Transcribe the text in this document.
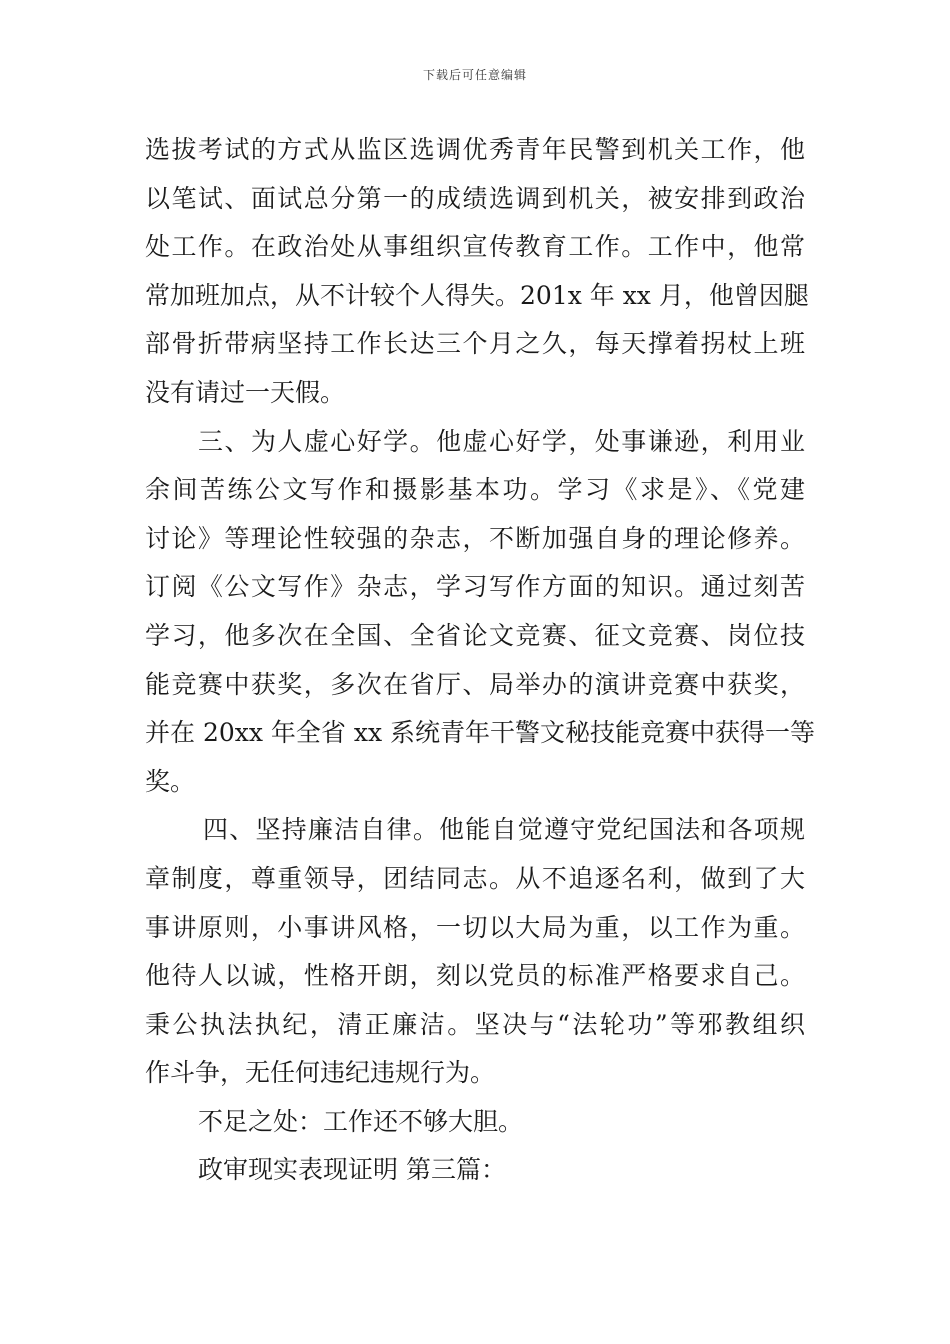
下载后可任意编辑
选拔考试的方式从监区选调优秀青年民警到机关工作，他
以笔试、面试总分第一的成绩选调到机关，被安排到政治
处工作。在政治处从事组织宣传教育工作。工作中，他常
常加班加点，从不计较个人得失。201x 年 xx 月，他曾因腿
部骨折带病坚持工作长达三个月之久，每天撑着拐杖上班
没有请过一天假。
三、为人虚心好学。他虚心好学，处事谦逊，利用业
余间苦练公文写作和摄影基本功。学习《求是》、《党建
讨论》等理论性较强的杂志，不断加强自身的理论修养。
订阅《公文写作》杂志，学习写作方面的知识。通过刻苦
学习，他多次在全国、全省论文竞赛、征文竞赛、岗位技
能竞赛中获奖，多次在省厅、局举办的演讲竞赛中获奖，
并在 20xx 年全省 xx 系统青年干警文秘技能竞赛中获得一等
奖。
四、坚持廉洁自律。他能自觉遵守党纪国法和各项规
章制度，尊重领导，团结同志。从不追逐名利，做到了大
事讲原则，小事讲风格，一切以大局为重，以工作为重。
他待人以诚，性格开朗，刻以党员的标准严格要求自己。
秉公执法执纪，清正廉洁。坚决与“法轮功”等邪教组织
作斗争，无任何违纪违规行为。
不足之处：工作还不够大胆。
政审现实表现证明 第三篇：
